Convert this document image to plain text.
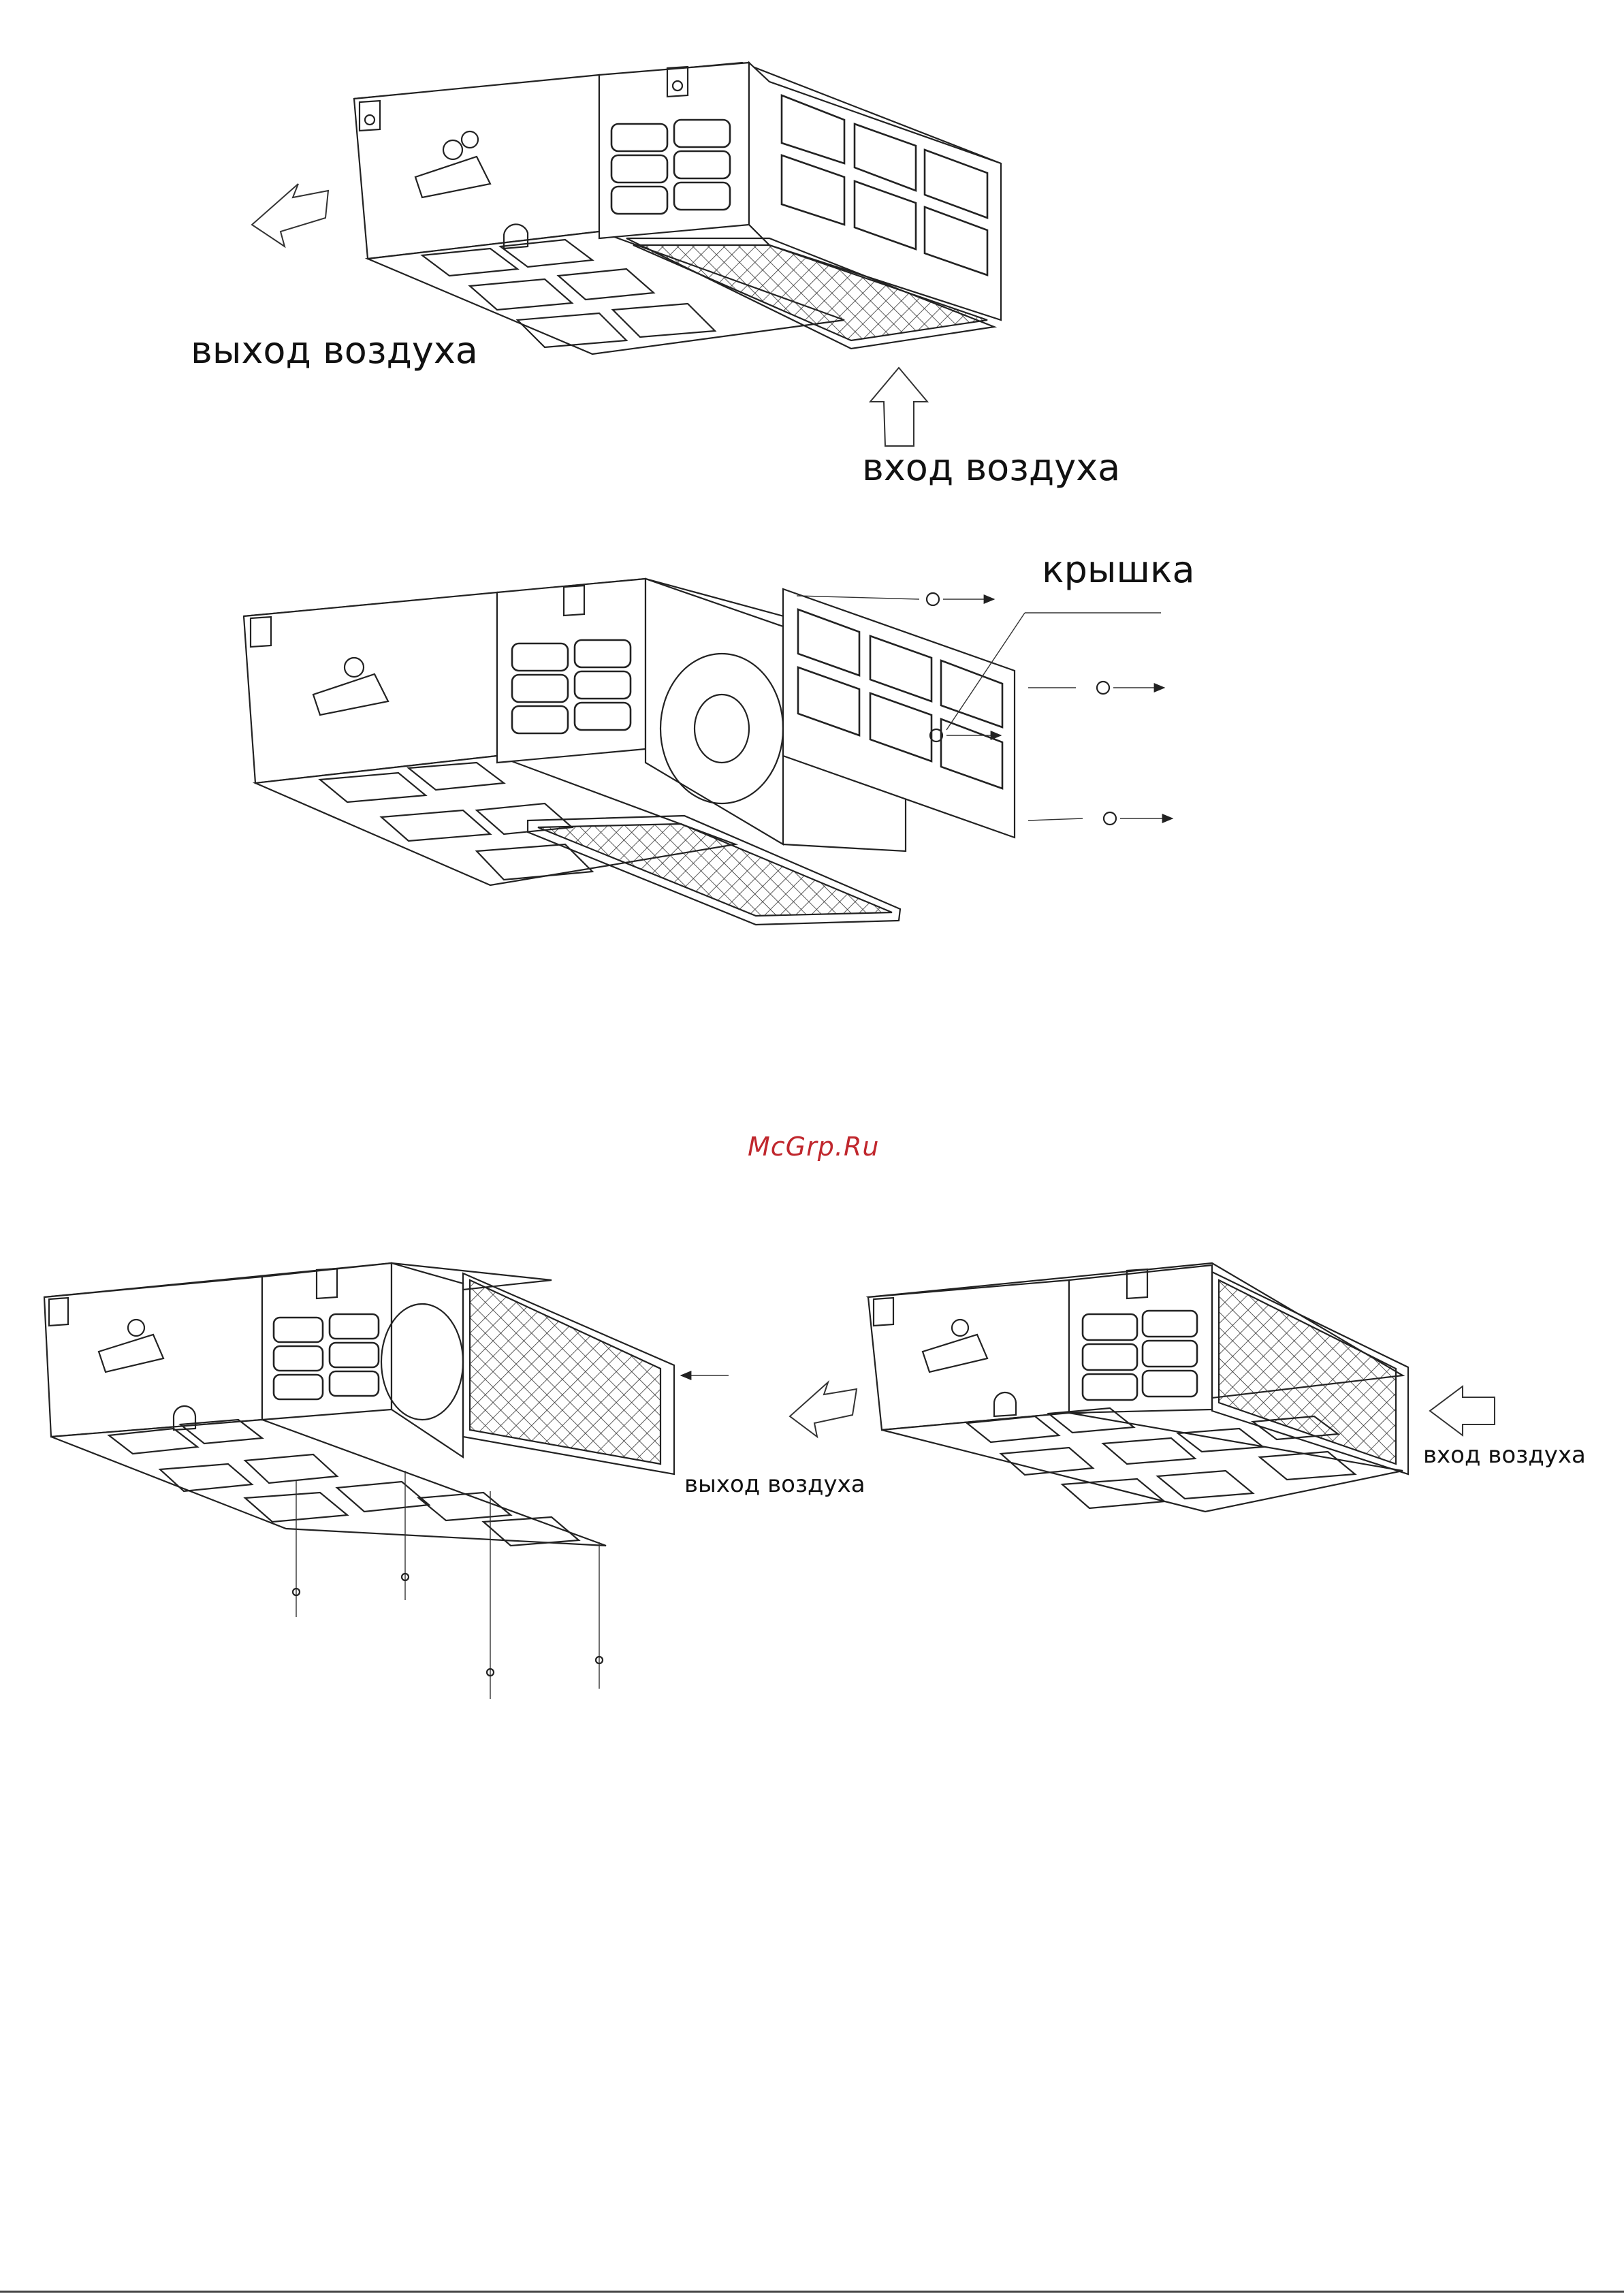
выход воздуха
вход воздуха
крышка
выход воздуха
вход воздуха
McGrp.Ru
